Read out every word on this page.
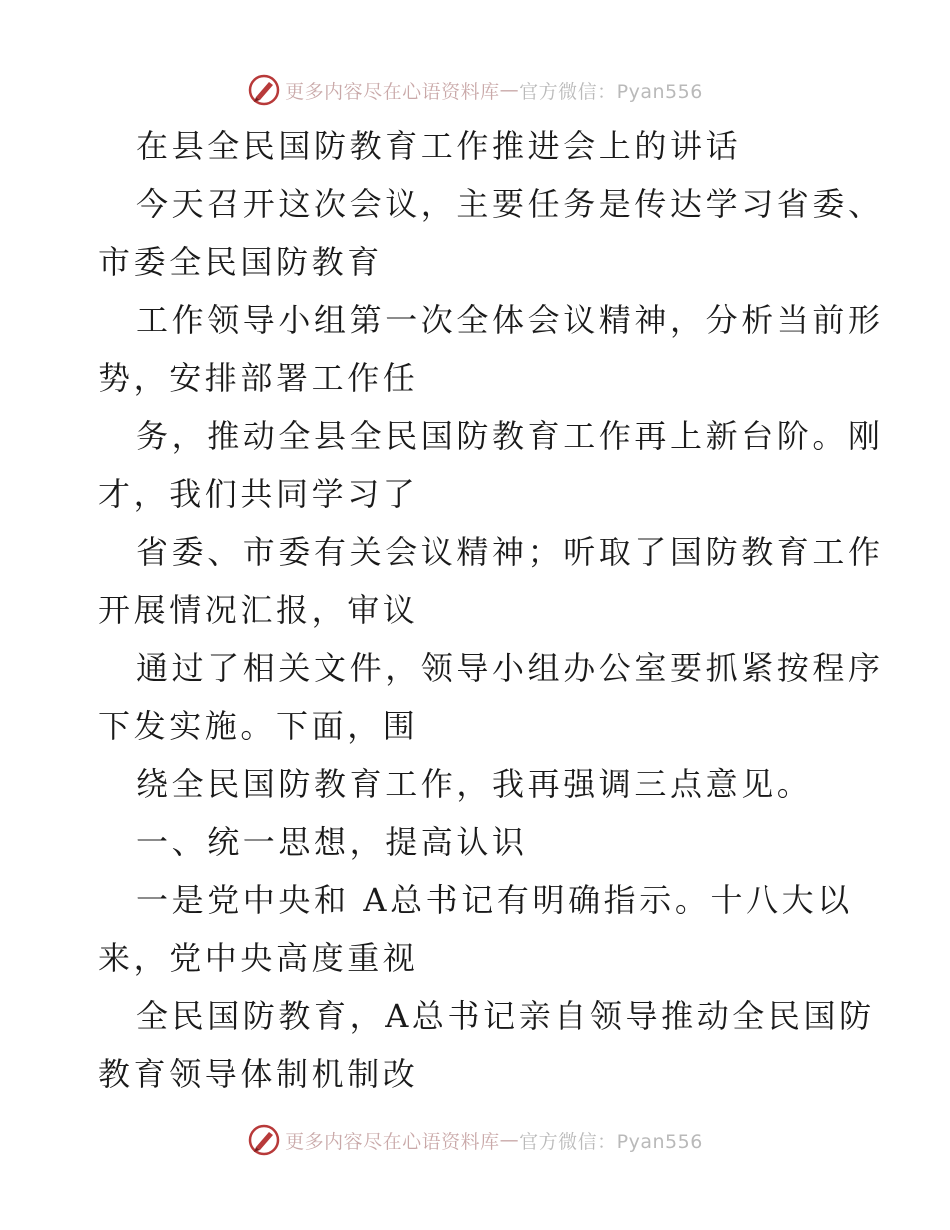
更多内容尽在心语资料库 — 官方微信：Pyan556
在县全民国防教育工作推进会上的讲话
今天召开这次会议，主要任务是传达学习省委、
市委全民国防教育
工作领导小组第一次全体会议精神，分析当前形
势，安排部署工作任
务，推动全县全民国防教育工作再上新台阶。刚
才，我们共同学习了
省委、市委有关会议精神；听取了国防教育工作
开展情况汇报，审议
通过了相关文件，领导小组办公室要抓紧按程序
下发实施。下面，围
绕全民国防教育工作，我再强调三点意见。
一、统一思想，提高认识
一是党中央和 A总书记有明确指示。十八大以
来，党中央高度重视
全民国防教育，A总书记亲自领导推动全民国防
教育领导体制机制改
更多内容尽在心语资料库 — 官方微信：Pyan556
